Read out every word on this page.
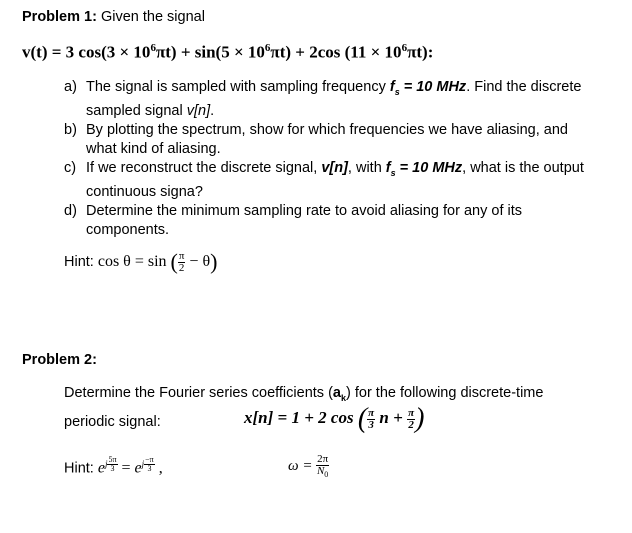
Problem 1: Given the signal
v(t) = 3 $\cos(3 \times 10^6\pi t) + \sin(5 \times 10^6\pi t) + 2\cos$ $(11 \times 10^6\pi t)$:
a) The signal is sampled with sampling frequency $f_s = 10$ MHz. Find the discrete
sampled signal v[n].
b) By plotting the spectrum, show for which frequencies we have aliasing, and
what kind of aliasing.
c) If we reconstruct the discrete signal, v[n], with $f_s = 10$ MHz, what is the output
continuous signa?
d) Determine the minimum sampling rate to avoid aliasing for any of its
components.
Hint: cos θ = sin ( $\frac{\pi}{2} - \theta$)
Problem 2:
Determine the Fourier series coefficients $(a_k)$ for the following discrete-time
periodic signal:	x[n] = 1 + 2 cos ( $\frac{\pi}{3}$ $n + \frac{\pi}{2}$ )
Hint: $e^{j \frac{5\pi}{3}} = e^{j \frac{-\pi}{3}}$ ,	$\omega = \frac{2\pi}{N_0}$
